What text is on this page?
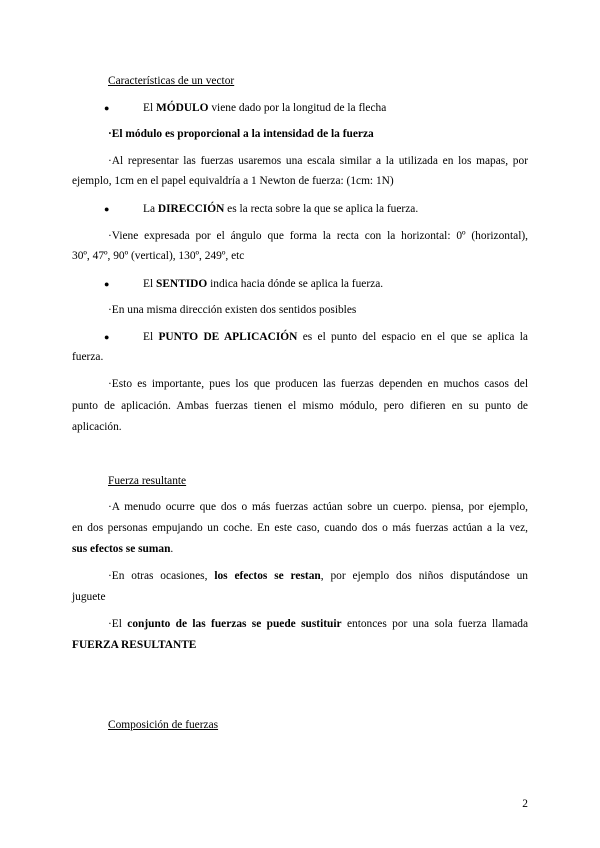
Características de un vector
●	El MÓDULO viene dado por la longitud de la flecha
·El módulo es proporcional a la intensidad de la fuerza
·Al representar las fuerzas usaremos una escala similar a la utilizada en los mapas, por
ejemplo, 1cm en el papel equivaldría a 1 Newton de fuerza: (1cm: 1N)
●	La DIRECCIÓN es la recta sobre la que se aplica la fuerza.
·Viene expresada por el ángulo que forma la recta con la horizontal: 0º (horizontal),
30º, 47º, 90º (vertical), 130º, 249º, etc
●	El SENTIDO indica hacia dónde se aplica la fuerza.
·En una misma dirección existen dos sentidos posibles
●	El PUNTO DE APLICACIÓN es el punto del espacio en el que se aplica la
fuerza.
·Esto es importante, pues los que producen las fuerzas dependen en muchos casos del
punto de aplicación. Ambas fuerzas tienen el mismo módulo, pero difieren en su punto de
aplicación.
Fuerza resultante
·A menudo ocurre que dos o más fuerzas actúan sobre un cuerpo. piensa, por ejemplo,
en dos personas empujando un coche. En este caso, cuando dos o más fuerzas actúan a la vez,
sus efectos se suman.
·En otras ocasiones, los efectos se restan, por ejemplo dos niños disputándose un
juguete
·El conjunto de las fuerzas se puede sustituir entonces por una sola fuerza llamada
FUERZA RESULTANTE
Composición de fuerzas
2
